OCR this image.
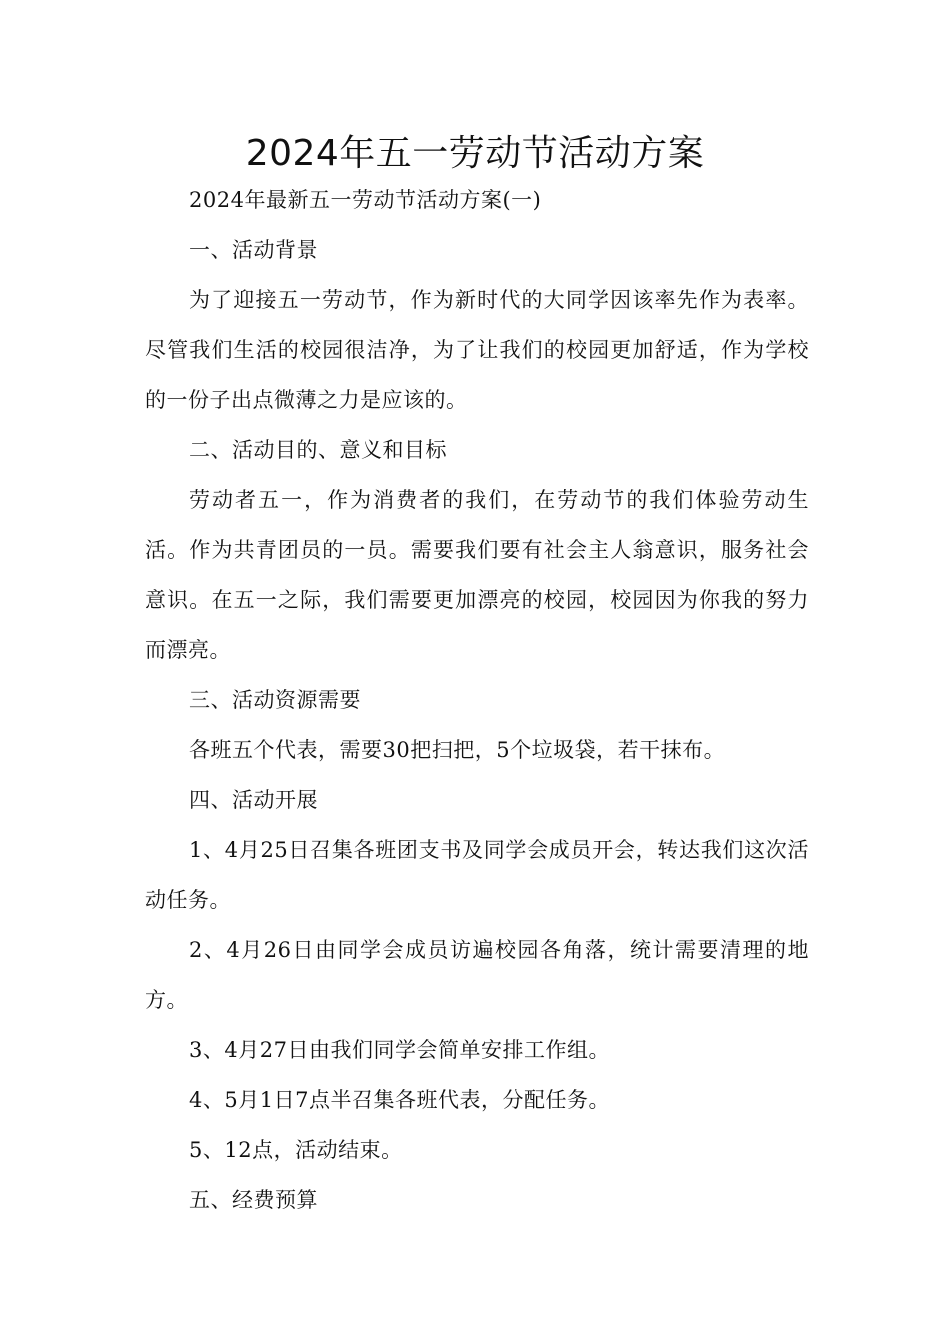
2024年五一劳动节活动方案

2024年最新五一劳动节活动方案(一)

一、活动背景

为了迎接五一劳动节，作为新时代的大同学因该率先作为表率。尽管我们生活的校园很洁净，为了让我们的校园更加舒适，作为学校的一份子出点微薄之力是应该的。

二、活动目的、意义和目标

劳动者五一，作为消费者的我们，在劳动节的我们体验劳动生活。作为共青团员的一员。需要我们要有社会主人翁意识，服务社会意识。在五一之际，我们需要更加漂亮的校园，校园因为你我的努力而漂亮。

三、活动资源需要

各班五个代表，需要30把扫把，5个垃圾袋，若干抹布。

四、活动开展

1、4月25日召集各班团支书及同学会成员开会，转达我们这次活动任务。

2、4月26日由同学会成员访遍校园各角落，统计需要清理的地方。

3、4月27日由我们同学会简单安排工作组。

4、5月1日7点半召集各班代表，分配任务。

5、12点，活动结束。

五、经费预算
